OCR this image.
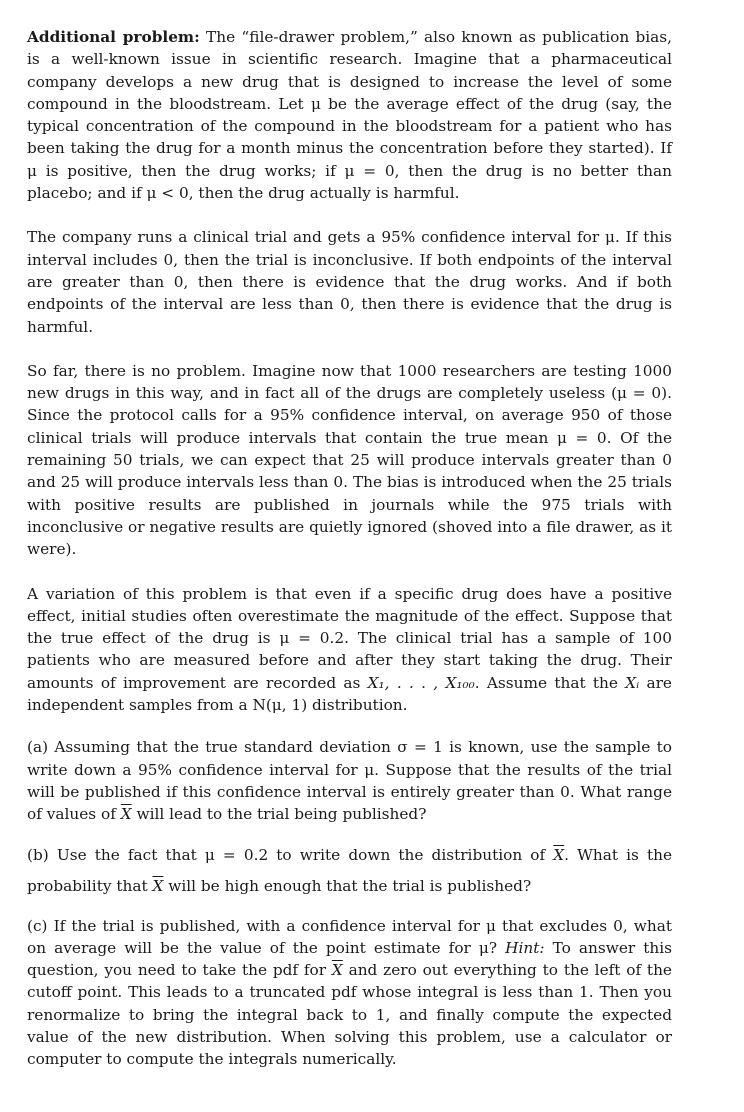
Additional problem: The “file-drawer problem,” also known as publication bias, is a well-known issue in scientific research. Imagine that a pharmaceutical company develops a new drug that is designed to increase the level of some compound in the bloodstream. Let μ be the average effect of the drug (say, the typical concentration of the compound in the bloodstream for a patient who has been taking the drug for a month minus the concentration before they started). If μ is positive, then the drug works; if μ = 0, then the drug is no better than placebo; and if μ < 0, then the drug actually is harmful.

The company runs a clinical trial and gets a 95% confidence interval for μ. If this interval includes 0, then the trial is inconclusive. If both endpoints of the interval are greater than 0, then there is evidence that the drug works. And if both endpoints of the interval are less than 0, then there is evidence that the drug is harmful.

So far, there is no problem. Imagine now that 1000 researchers are testing 1000 new drugs in this way, and in fact all of the drugs are completely useless (μ = 0). Since the protocol calls for a 95% confidence interval, on average 950 of those clinical trials will produce intervals that contain the true mean μ = 0. Of the remaining 50 trials, we can expect that 25 will produce intervals greater than 0 and 25 will produce intervals less than 0. The bias is introduced when the 25 trials with positive results are published in journals while the 975 trials with inconclusive or negative results are quietly ignored (shoved into a file drawer, as it were).

A variation of this problem is that even if a specific drug does have a positive effect, initial studies often overestimate the magnitude of the effect. Suppose that the true effect of the drug is μ = 0.2. The clinical trial has a sample of 100 patients who are measured before and after they start taking the drug. Their amounts of improvement are recorded as X₁, . . . , X₁₀₀. Assume that the Xᵢ are independent samples from a N(μ, 1) distribution.

(a) Assuming that the true standard deviation σ = 1 is known, use the sample to write down a 95% confidence interval for μ. Suppose that the results of the trial will be published if this confidence interval is entirely greater than 0. What range of values of $\overline{X}$ will lead to the trial being published?

(b) Use the fact that μ = 0.2 to write down the distribution of $\overline{X}$. What is the probability that $\overline{X}$ will be high enough that the trial is published?

(c) If the trial is published, with a confidence interval for μ that excludes 0, what on average will be the value of the point estimate for μ? Hint: To answer this question, you need to take the pdf for $\overline{X}$ and zero out everything to the left of the cutoff point. This leads to a truncated pdf whose integral is less than 1. Then you renormalize to bring the integral back to 1, and finally compute the expected value of the new distribution. When solving this problem, use a calculator or computer to compute the integrals numerically.
